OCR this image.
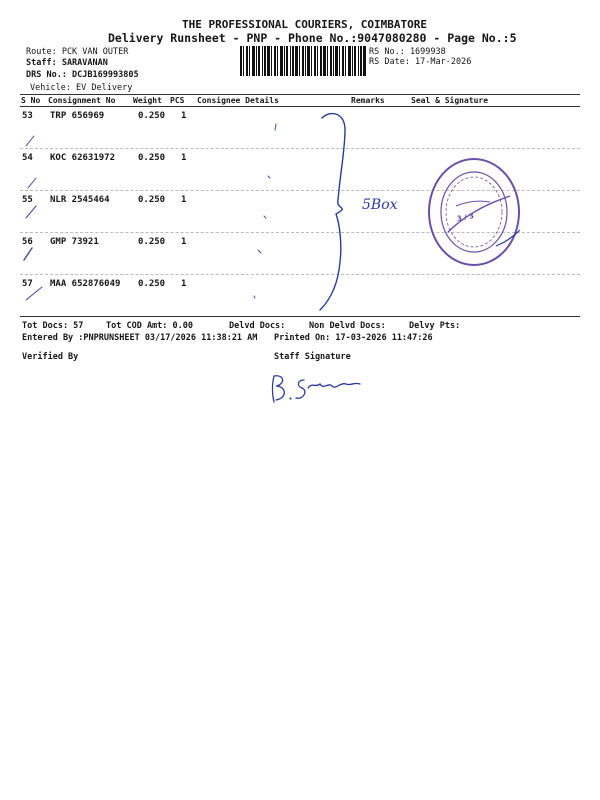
THE PROFESSIONAL COURIERS, COIMBATORE
Delivery Runsheet - PNP - Phone No.:9047080280 - Page No.:5
Route: PCK VAN OUTER
Staff: SARAVANAN
DRS No.: DCJB169993805
Vehicle: EV Delivery
RS No.: 1699938
RS Date: 17-Mar-2026
S No Consignment No Weight PCS Consignee Details	Remarks	Seal & Signature
53 TRP 656969	0.250 1
54 KOC 62631972	0.250 1
55 NLR 2545464	0.250 1
56 GMP 73921	0.250 1
57 MAA 652876049 0.250 1
Tot Docs: 57	Tot COD Amt: 0.00	Delvd Docs:	Non Delvd Docs:	Delvy Pts:
Entered By :PNPRUNSHEET 03/17/2026 11:38:21 AM Printed On: 17-03-2026 11:47:26
Verified By	Staff Signature
5Box
3 / 3
